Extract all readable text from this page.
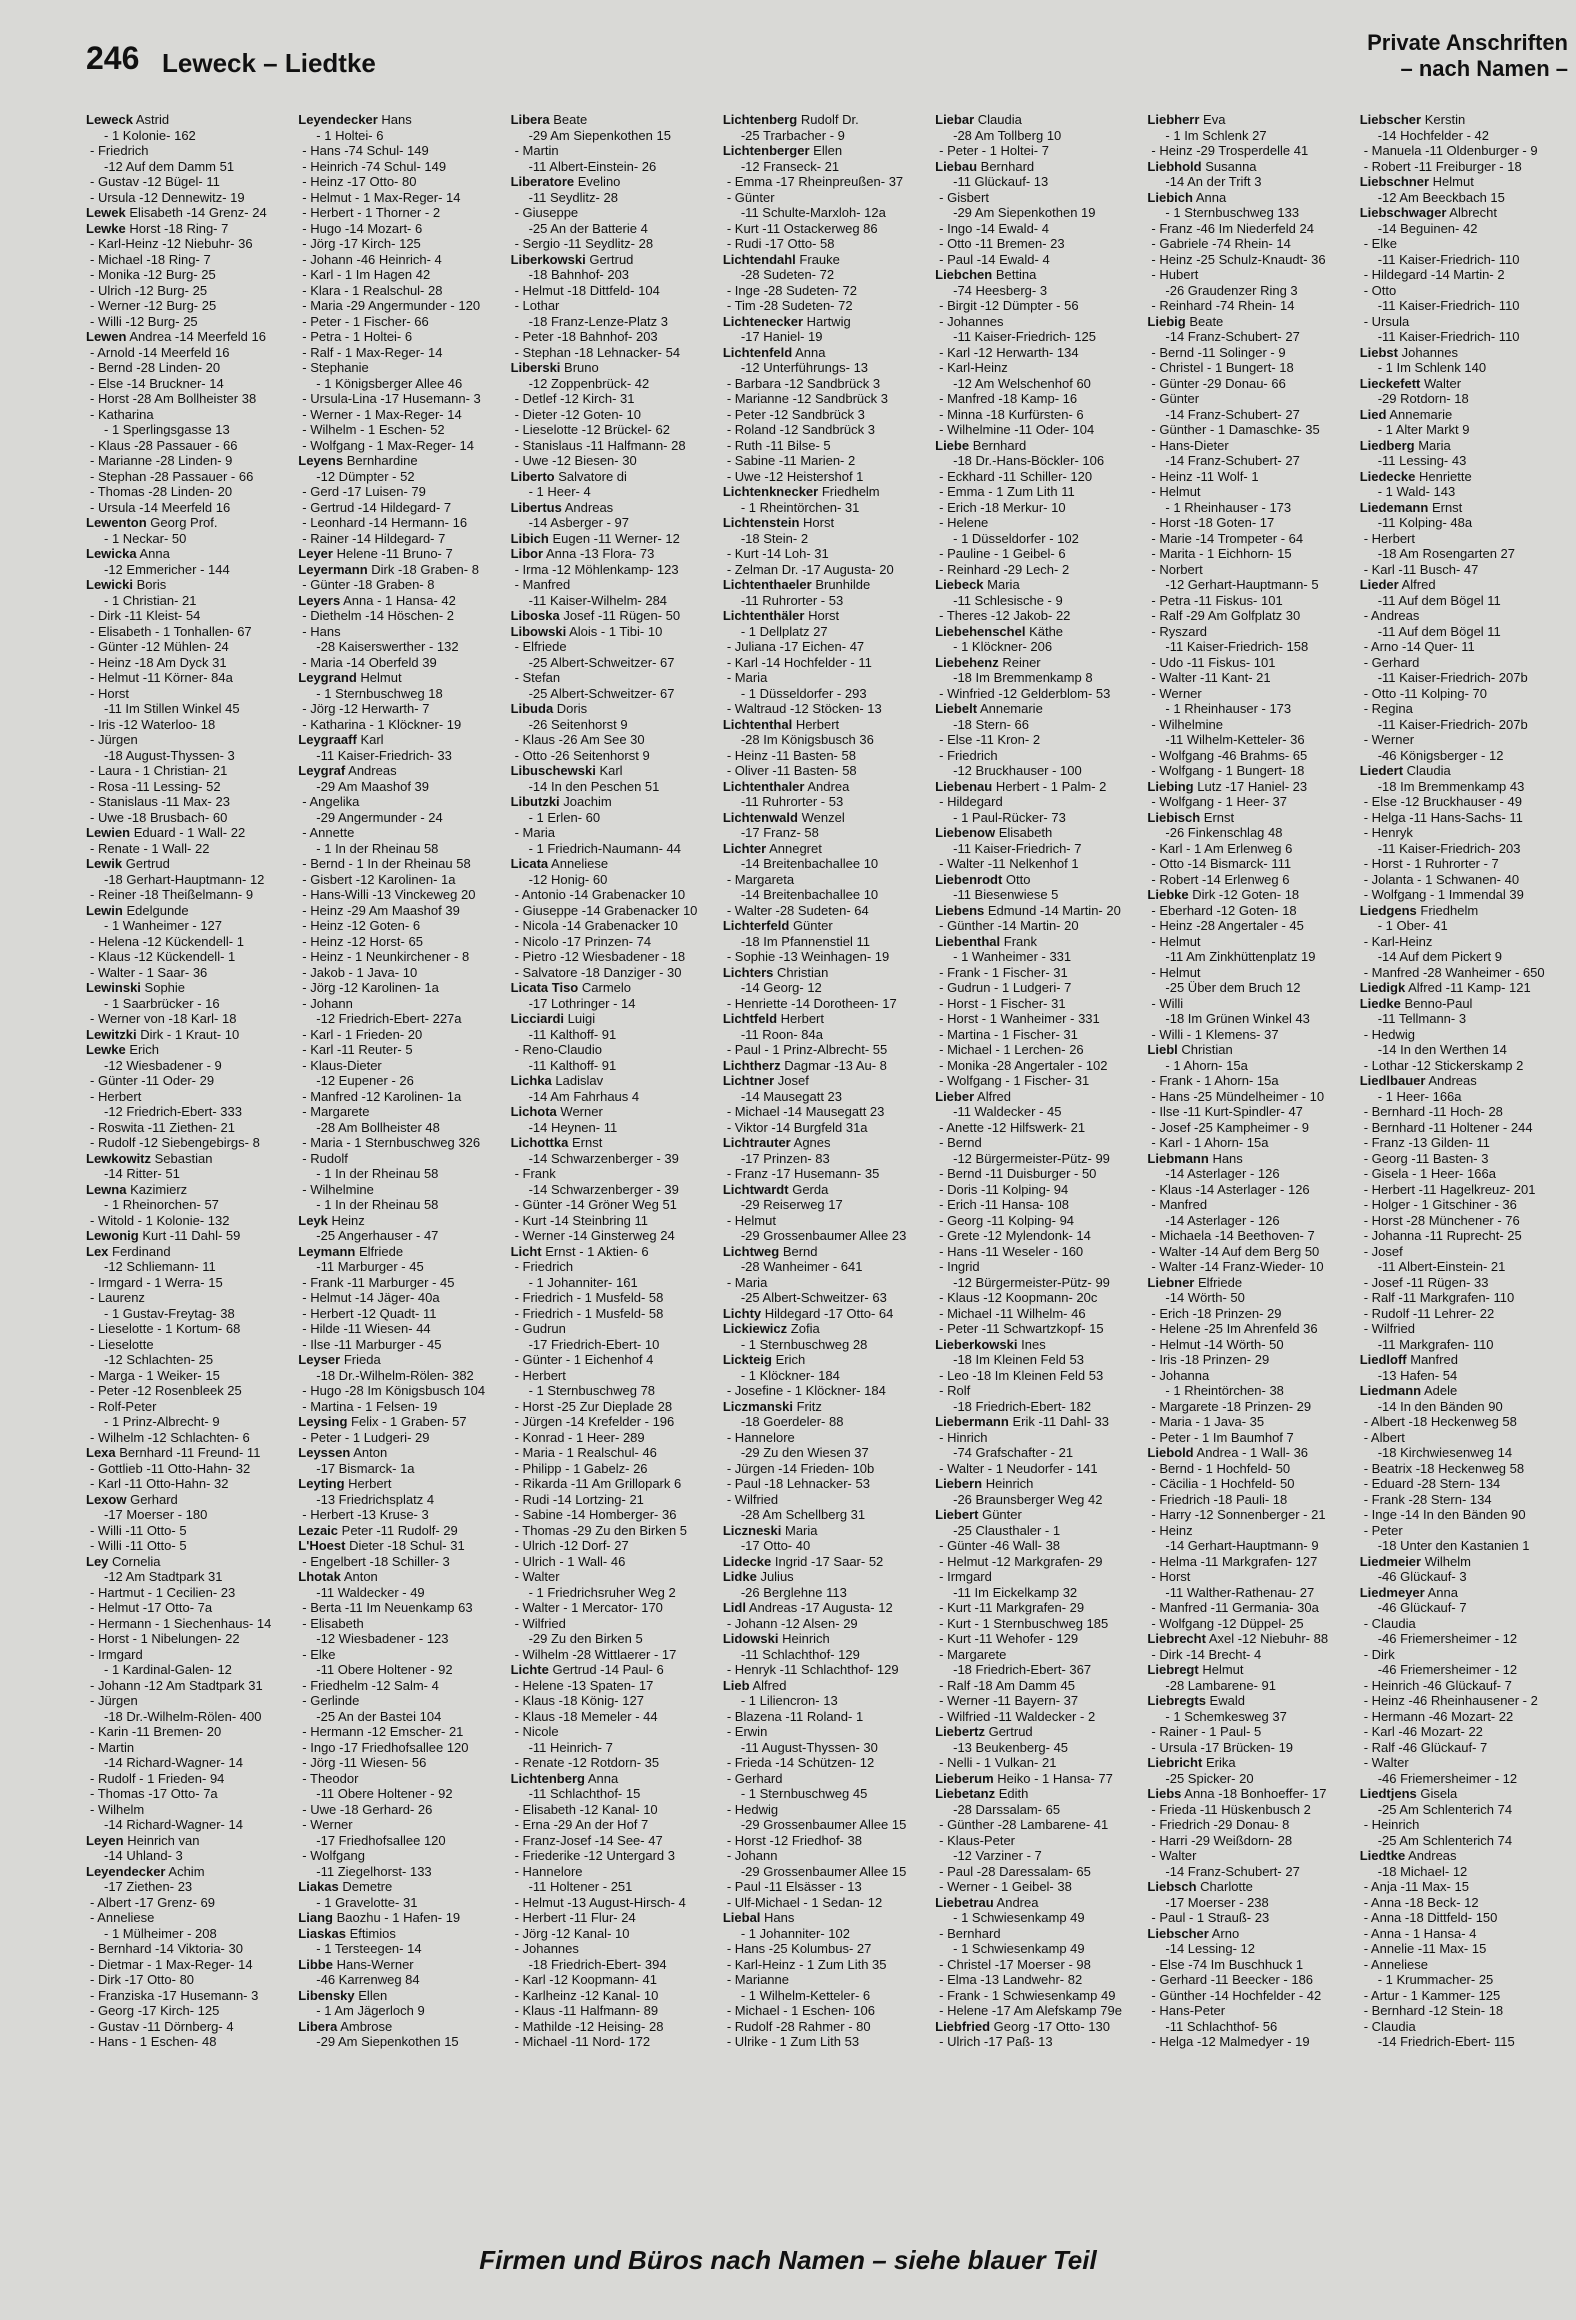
246 Leweck – Liedtke
Private Anschriften
– nach Namen –
Leweck Astrid
- 1 Kolonie- 162
- Friedrich
-12 Auf dem Damm 51
- Gustav -12 Bügel- 11
- Ursula -12 Dennewitz- 19
Lewek Elisabeth -14 Grenz- 24
Lewke Horst -18 Ring- 7
- Karl-Heinz -12 Niebuhr- 36
- Michael -18 Ring- 7
- Monika -12 Burg- 25
- Ulrich -12 Burg- 25
- Werner -12 Burg- 25
- Willi -12 Burg- 25
Lewen Andrea -14 Meerfeld 16
- Arnold -14 Meerfeld 16
- Bernd -28 Linden- 20
- Else -14 Bruckner- 14
- Horst -28 Am Bollheister 38
- Katharina
- 1 Sperlingsgasse 13
- Klaus -28 Passauer - 66
- Marianne -28 Linden- 9
- Stephan -28 Passauer - 66
- Thomas -28 Linden- 20
- Ursula -14 Meerfeld 16
Lewenton Georg Prof.
- 1 Neckar- 50
Lewicka Anna
-12 Emmericher - 144
Lewicki Boris
- 1 Christian- 21
- Dirk -11 Kleist- 54
- Elisabeth - 1 Tonhallen- 67
- Günter -12 Mühlen- 24
- Heinz -18 Am Dyck 31
- Helmut -11 Körner- 84a
- Horst
-11 Im Stillen Winkel 45
- Iris -12 Waterloo- 18
- Jürgen
-18 August-Thyssen- 3
- Laura - 1 Christian- 21
- Rosa -11 Lessing- 52
- Stanislaus -11 Max- 23
- Uwe -18 Brusbach- 60
Lewien Eduard - 1 Wall- 22
- Renate - 1 Wall- 22
Lewik Gertrud
-18 Gerhart-Hauptmann- 12
- Reiner -18 Theißelmann- 9
Lewin Edelgunde
- 1 Wanheimer - 127
- Helena -12 Kückendell- 1
- Klaus -12 Kückendell- 1
- Walter - 1 Saar- 36
Lewinski Sophie
- 1 Saarbrücker - 16
- Werner von -18 Karl- 18
Lewitzki Dirk - 1 Kraut- 10
Lewke Erich
-12 Wiesbadener - 9
- Günter -11 Oder- 29
- Herbert
-12 Friedrich-Ebert- 333
- Roswita -11 Ziethen- 21
- Rudolf -12 Siebengebirgs- 8
Lewkowitz Sebastian
-14 Ritter- 51
Lewna Kazimierz
- 1 Rheinorchen- 57
- Witold - 1 Kolonie- 132
Lewonig Kurt -11 Dahl- 59
Lex Ferdinand
-12 Schliemann- 11
- Irmgard - 1 Werra- 15
- Laurenz
- 1 Gustav-Freytag- 38
- Lieselotte - 1 Kortum- 68
- Lieselotte
-12 Schlachten- 25
- Marga - 1 Weiker- 15
- Peter -12 Rosenbleek 25
- Rolf-Peter
- 1 Prinz-Albrecht- 9
- Wilhelm -12 Schlachten- 6
Lexa Bernhard -11 Freund- 11
- Gottlieb -11 Otto-Hahn- 32
- Karl -11 Otto-Hahn- 32
Lexow Gerhard
-17 Moerser - 180
- Willi -11 Otto- 5
- Willi -11 Otto- 5
Ley Cornelia
-12 Am Stadtpark 31
- Hartmut - 1 Cecilien- 23
- Helmut -17 Otto- 7a
- Hermann - 1 Siechenhaus- 14
- Horst - 1 Nibelungen- 22
- Irmgard
- 1 Kardinal-Galen- 12
- Johann -12 Am Stadtpark 31
- Jürgen
-18 Dr.-Wilhelm-Rölen- 400
- Karin -11 Bremen- 20
- Martin
-14 Richard-Wagner- 14
- Rudolf - 1 Frieden- 94
- Thomas -17 Otto- 7a
- Wilhelm
-14 Richard-Wagner- 14
Leyen Heinrich van
-14 Uhland- 3
Leyendecker Achim
-17 Ziethen- 23
- Albert -17 Grenz- 69
- Anneliese
- 1 Mülheimer - 208
- Bernhard -14 Viktoria- 30
- Dietmar - 1 Max-Reger- 14
- Dirk -17 Otto- 80
- Franziska -17 Husemann- 3
- Georg -17 Kirch- 125
- Gustav -11 Dörnberg- 4
- Hans - 1 Eschen- 48
Leyendecker Hans
- 1 Holtei- 6
- Hans -74 Schul- 149
- Heinrich -74 Schul- 149
- Heinz -17 Otto- 80
- Helmut - 1 Max-Reger- 14
- Herbert - 1 Thorner - 2
- Hugo -14 Mozart- 6
- Jörg -17 Kirch- 125
- Johann -46 Heinrich- 4
- Karl - 1 Im Hagen 42
- Klara - 1 Realschul- 28
- Maria -29 Angermunder - 120
- Peter - 1 Fischer- 66
- Petra - 1 Holtei- 6
- Ralf - 1 Max-Reger- 14
- Stephanie
- 1 Königsberger Allee 46
- Ursula-Lina -17 Husemann- 3
- Werner - 1 Max-Reger- 14
- Wilhelm - 1 Eschen- 52
- Wolfgang - 1 Max-Reger- 14
Leyens Bernhardine
-12 Dümpter - 52
- Gerd -17 Luisen- 79
- Gertrud -14 Hildegard- 7
- Leonhard -14 Hermann- 16
- Rainer -14 Hildegard- 7
Leyer Helene -11 Bruno- 7
Leyermann Dirk -18 Graben- 8
- Günter -18 Graben- 8
Leyers Anna - 1 Hansa- 42
- Diethelm -14 Höschen- 2
- Hans
-28 Kaiserswerther - 132
- Maria -14 Oberfeld 39
Leygrand Helmut
- 1 Sternbuschweg 18
- Jörg -12 Herwarth- 7
- Katharina - 1 Klöckner- 19
Leygraaff Karl
-11 Kaiser-Friedrich- 33
Leygraf Andreas
-29 Am Maashof 39
- Angelika
-29 Angermunder - 24
- Annette
- 1 In der Rheinau 58
- Bernd - 1 In der Rheinau 58
- Gisbert -12 Karolinen- 1a
- Hans-Willi -13 Vinckeweg 20
- Heinz -29 Am Maashof 39
- Heinz -12 Goten- 6
- Heinz -12 Horst- 65
- Heinz - 1 Neunkirchener - 8
- Jakob - 1 Java- 10
- Jörg -12 Karolinen- 1a
- Johann
-12 Friedrich-Ebert- 227a
- Karl - 1 Frieden- 20
- Karl -11 Reuter- 5
- Klaus-Dieter
-12 Eupener - 26
- Manfred -12 Karolinen- 1a
- Margarete
-28 Am Bollheister 48
- Maria - 1 Sternbuschweg 326
- Rudolf
- 1 In der Rheinau 58
- Wilhelmine
- 1 In der Rheinau 58
Leyk Heinz
-25 Angerhauser - 47
Leymann Elfriede
-11 Marburger - 45
- Frank -11 Marburger - 45
- Helmut -14 Jäger- 40a
- Herbert -12 Quadt- 11
- Hilde -11 Wiesen- 44
- Ilse -11 Marburger - 45
Leyser Frieda
-18 Dr.-Wilhelm-Rölen- 382
- Hugo -28 Im Königsbusch 104
- Martina - 1 Felsen- 19
Leysing Felix - 1 Graben- 57
- Peter - 1 Ludgeri- 29
Leyssen Anton
-17 Bismarck- 1a
Leyting Herbert
-13 Friedrichsplatz 4
- Herbert -13 Kruse- 3
Lezaic Peter -11 Rudolf- 29
L'Hoest Dieter -18 Schul- 31
- Engelbert -18 Schiller- 3
Lhotak Anton
-11 Waldecker - 49
- Berta -11 Im Neuenkamp 63
- Elisabeth
-12 Wiesbadener - 123
- Elke
-11 Obere Holtener - 92
- Friedhelm -12 Salm- 4
- Gerlinde
-25 An der Bastei 104
- Hermann -12 Emscher- 21
- Ingo -17 Friedhofsallee 120
- Jörg -11 Wiesen- 56
- Theodor
-11 Obere Holtener - 92
- Uwe -18 Gerhard- 26
- Werner
-17 Friedhofsallee 120
- Wolfgang
-11 Ziegelhorst- 133
Liakas Demetre
- 1 Gravelotte- 31
Liang Baozhu - 1 Hafen- 19
Liaskas Eftimios
- 1 Tersteegen- 14
Libbe Hans-Werner
-46 Karrenweg 84
Libensky Ellen
- 1 Am Jägerloch 9
Libera Ambrose
-29 Am Siepenkothen 15
Libera Beate
-29 Am Siepenkothen 15
- Martin
-11 Albert-Einstein- 26
Liberatore Evelino
-11 Seydlitz- 28
- Giuseppe
-25 An der Batterie 4
- Sergio -11 Seydlitz- 28
Liberkowski Gertrud
-18 Bahnhof- 203
- Helmut -18 Dittfeld- 104
- Lothar
-18 Franz-Lenze-Platz 3
- Peter -18 Bahnhof- 203
- Stephan -18 Lehnacker- 54
Liberski Bruno
-12 Zoppenbrück- 42
- Detlef -12 Kirch- 31
- Dieter -12 Goten- 10
- Lieselotte -12 Brückel- 62
- Stanislaus -11 Halfmann- 28
- Uwe -12 Biesen- 30
Liberto Salvatore di
- 1 Heer- 4
Libertus Andreas
-14 Asberger - 97
Libich Eugen -11 Werner- 12
Libor Anna -13 Flora- 73
- Irma -12 Möhlenkamp- 123
- Manfred
-11 Kaiser-Wilhelm- 284
Liboska Josef -11 Rügen- 50
Libowski Alois - 1 Tibi- 10
- Elfriede
-25 Albert-Schweitzer- 67
- Stefan
-25 Albert-Schweitzer- 67
Libuda Doris
-26 Seitenhorst 9
- Klaus -26 Am See 30
- Otto -26 Seitenhorst 9
Libuschewski Karl
-14 In den Peschen 51
Libutzki Joachim
- 1 Erlen- 60
- Maria
- 1 Friedrich-Naumann- 44
Licata Anneliese
-12 Honig- 60
- Antonio -14 Grabenacker 10
- Giuseppe -14 Grabenacker 10
- Nicola -14 Grabenacker 10
- Nicolo -17 Prinzen- 74
- Pietro -12 Wiesbadener - 18
- Salvatore -18 Danziger - 30
Licata Tiso Carmelo
-17 Lothringer - 14
Licciardi Luigi
-11 Kalthoff- 91
- Reno-Claudio
-11 Kalthoff- 91
Lichka Ladislav
-14 Am Fahrhaus 4
Lichota Werner
-14 Heynen- 11
Lichottka Ernst
-14 Schwarzenberger - 39
- Frank
-14 Schwarzenberger - 39
- Günter -14 Gröner Weg 51
- Kurt -14 Steinbring 11
- Werner -14 Ginsterweg 24
Licht Ernst - 1 Aktien- 6
- Friedrich
- 1 Johanniter- 161
- Friedrich - 1 Musfeld- 58
- Friedrich - 1 Musfeld- 58
- Gudrun
-17 Friedrich-Ebert- 10
- Günter - 1 Eichenhof 4
- Herbert
- 1 Sternbuschweg 78
- Horst -25 Zur Dieplade 28
- Jürgen -14 Krefelder - 196
- Konrad - 1 Heer- 289
- Maria - 1 Realschul- 46
- Philipp - 1 Gabelz- 26
- Rikarda -11 Am Grillopark 6
- Rudi -14 Lortzing- 21
- Sabine -14 Homberger- 36
- Thomas -29 Zu den Birken 5
- Ulrich -12 Dorf- 27
- Ulrich - 1 Wall- 46
- Walter
- 1 Friedrichsruher Weg 2
- Walter - 1 Mercator- 170
- Wilfried
-29 Zu den Birken 5
- Wilhelm -28 Wittlaerer - 17
Lichte Gertrud -14 Paul- 6
- Helene -13 Spaten- 17
- Klaus -18 König- 127
- Klaus -18 Memeler - 44
- Nicole
-11 Heinrich- 7
- Renate -12 Rotdorn- 35
Lichtenberg Anna
-11 Schlachthof- 15
- Elisabeth -12 Kanal- 10
- Erna -29 An der Hof 7
- Franz-Josef -14 See- 47
- Friederike -12 Untergard 3
- Hannelore
-11 Holtener - 251
- Helmut -13 August-Hirsch- 4
- Herbert -11 Flur- 24
- Jörg -12 Kanal- 10
- Johannes
-18 Friedrich-Ebert- 394
- Karl -12 Koopmann- 41
- Karlheinz -12 Kanal- 10
- Klaus -11 Halfmann- 89
- Mathilde -12 Heising- 28
- Michael -11 Nord- 172
Lichtenberg Rudolf Dr.
-25 Trarbacher - 9
Lichtenberger Ellen
-12 Franseck- 21
- Emma -17 Rheinpreußen- 37
- Günter
-11 Schulte-Marxloh- 12a
- Kurt -11 Ostackerweg 86
- Rudi -17 Otto- 58
Lichtendahl Frauke
-28 Sudeten- 72
- Inge -28 Sudeten- 72
- Tim -28 Sudeten- 72
Lichtenecker Hartwig
-17 Haniel- 19
Lichtenfeld Anna
-12 Unterführungs- 13
- Barbara -12 Sandbrück 3
- Marianne -12 Sandbrück 3
- Peter -12 Sandbrück 3
- Roland -12 Sandbrück 3
- Ruth -11 Bilse- 5
- Sabine -11 Marien- 2
- Uwe -12 Heistershof 1
Lichtenknecker Friedhelm
- 1 Rheintörchen- 31
Lichtenstein Horst
-18 Stein- 2
- Kurt -14 Loh- 31
- Zelman Dr. -17 Augusta- 20
Lichtenthaeler Brunhilde
-11 Ruhrorter - 53
Lichtenthäler Horst
- 1 Dellplatz 27
- Juliana -17 Eichen- 47
- Karl -14 Hochfelder - 11
- Maria
- 1 Düsseldorfer - 293
- Waltraud -12 Stöcken- 13
Lichtenthal Herbert
-28 Im Königsbusch 36
- Heinz -11 Basten- 58
- Oliver -11 Basten- 58
Lichtenthaler Andrea
-11 Ruhrorter - 53
Lichtenwald Wenzel
-17 Franz- 58
Lichter Annegret
-14 Breitenbachallee 10
- Margareta
-14 Breitenbachallee 10
- Walter -28 Sudeten- 64
Lichterfeld Günter
-18 Im Pfannenstiel 11
- Sophie -13 Weinhagen- 19
Lichters Christian
-14 Georg- 12
- Henriette -14 Dorotheen- 17
Lichtfeld Herbert
-11 Roon- 84a
- Paul - 1 Prinz-Albrecht- 55
Lichtherz Dagmar -13 Au- 8
Lichtner Josef
-14 Mausegatt 23
- Michael -14 Mausegatt 23
- Viktor -14 Burgfeld 31a
Lichtrauter Agnes
-17 Prinzen- 83
- Franz -17 Husemann- 35
Lichtwardt Gerda
-29 Reiserweg 17
- Helmut
-29 Grossenbaumer Allee 23
Lichtweg Bernd
-28 Wanheimer - 641
- Maria
-25 Albert-Schweitzer- 63
Lichty Hildegard -17 Otto- 64
Lickiewicz Zofia
- 1 Sternbuschweg 28
Lickteig Erich
- 1 Klöckner- 184
- Josefine - 1 Klöckner- 184
Liczmanski Fritz
-18 Goerdeler- 88
- Hannelore
-29 Zu den Wiesen 37
- Jürgen -14 Frieden- 10b
- Paul -18 Lehnacker- 53
- Wilfried
-28 Am Schellberg 31
Liczneski Maria
-17 Otto- 40
Lidecke Ingrid -17 Saar- 52
Lidke Julius
-26 Berglehne 113
Lidl Andreas -17 Augusta- 12
- Johann -12 Alsen- 29
Lidowski Heinrich
-11 Schlachthof- 129
- Henryk -11 Schlachthof- 129
Lieb Alfred
- 1 Liliencron- 13
- Blazena -11 Roland- 1
- Erwin
-11 August-Thyssen- 30
- Frieda -14 Schützen- 12
- Gerhard
- 1 Sternbuschweg 45
- Hedwig
-29 Grossenbaumer Allee 15
- Horst -12 Friedhof- 38
- Johann
-29 Grossenbaumer Allee 15
- Paul -11 Elsässer - 13
- Ulf-Michael - 1 Sedan- 12
Liebal Hans
- 1 Johanniter- 102
- Hans -25 Kolumbus- 27
- Karl-Heinz - 1 Zum Lith 35
- Marianne
- 1 Wilhelm-Ketteler- 6
- Michael - 1 Eschen- 106
- Rudolf -28 Rahmer - 80
- Ulrike - 1 Zum Lith 53
Liebar Claudia
-28 Am Tollberg 10
- Peter - 1 Holtei- 7
Liebau Bernhard
-11 Glückauf- 13
- Gisbert
-29 Am Siepenkothen 19
- Ingo -14 Ewald- 4
- Otto -11 Bremen- 23
- Paul -14 Ewald- 4
Liebchen Bettina
-74 Heesberg- 3
- Birgit -12 Dümpter - 56
- Johannes
-11 Kaiser-Friedrich- 125
- Karl -12 Herwarth- 134
- Karl-Heinz
-12 Am Welschenhof 60
- Manfred -18 Kamp- 16
- Minna -18 Kurfürsten- 6
- Wilhelmine -11 Oder- 104
Liebe Bernhard
-18 Dr.-Hans-Böckler- 106
- Eckhard -11 Schiller- 120
- Emma - 1 Zum Lith 11
- Erich -18 Merkur- 10
- Helene
- 1 Düsseldorfer - 102
- Pauline - 1 Geibel- 6
- Reinhard -29 Lech- 2
Liebeck Maria
-11 Schlesische - 9
- Theres -12 Jakob- 22
Liebehenschel Käthe
- 1 Klöckner- 206
Liebehenz Reiner
-18 Im Bremmenkamp 8
- Winfried -12 Gelderblom- 53
Liebelt Annemarie
-18 Stern- 66
- Else -11 Kron- 2
- Friedrich
-12 Bruckhauser - 100
Liebenau Herbert - 1 Palm- 2
- Hildegard
- 1 Paul-Rücker- 73
Liebenow Elisabeth
-11 Kaiser-Friedrich- 7
- Walter -11 Nelkenhof 1
Liebenrodt Otto
-11 Biesenwiese 5
Liebens Edmund -14 Martin- 20
- Günther -14 Martin- 20
Liebenthal Frank
- 1 Wanheimer - 331
- Frank - 1 Fischer- 31
- Gudrun - 1 Ludgeri- 7
- Horst - 1 Fischer- 31
- Horst - 1 Wanheimer - 331
- Martina - 1 Fischer- 31
- Michael - 1 Lerchen- 26
- Monika -28 Angertaler - 102
- Wolfgang - 1 Fischer- 31
Lieber Alfred
-11 Waldecker - 45
- Anette -12 Hilfswerk- 21
- Bernd
-12 Bürgermeister-Pütz- 99
- Bernd -11 Duisburger - 50
- Doris -11 Kolping- 94
- Erich -11 Hansa- 108
- Georg -11 Kolping- 94
- Grete -12 Mylendonk- 14
- Hans -11 Weseler - 160
- Ingrid
-12 Bürgermeister-Pütz- 99
- Klaus -12 Koopmann- 20c
- Michael -11 Wilhelm- 46
- Peter -11 Schwartzkopf- 15
Lieberkowski Ines
-18 Im Kleinen Feld 53
- Leo -18 Im Kleinen Feld 53
- Rolf
-18 Friedrich-Ebert- 182
Liebermann Erik -11 Dahl- 33
- Hinrich
-74 Grafschafter - 21
- Walter - 1 Neudorfer - 141
Liebern Heinrich
-26 Braunsberger Weg 42
Liebert Günter
-25 Clausthaler - 1
- Günter -46 Wall- 38
- Helmut -12 Markgrafen- 29
- Irmgard
-11 Im Eickelkamp 32
- Kurt -11 Markgrafen- 29
- Kurt - 1 Sternbuschweg 185
- Kurt -11 Wehofer - 129
- Margarete
-18 Friedrich-Ebert- 367
- Ralf -18 Am Damm 45
- Werner -11 Bayern- 37
- Wilfried -11 Waldecker - 2
Liebertz Gertrud
-13 Beukenberg- 45
- Nelli - 1 Vulkan- 21
Lieberum Heiko - 1 Hansa- 77
Liebetanz Edith
-28 Darssalam- 65
- Günther -28 Lambarene- 41
- Klaus-Peter
-12 Varziner - 7
- Paul -28 Daressalam- 65
- Werner - 1 Geibel- 38
Liebetrau Andrea
- 1 Schwiesenkamp 49
- Bernhard
- 1 Schwiesenkamp 49
- Christel -17 Moerser - 98
- Elma -13 Landwehr- 82
- Frank - 1 Schwiesenkamp 49
- Helene -17 Am Alefskamp 79e
Liebfried Georg -17 Otto- 130
- Ulrich -17 Paß- 13
Liebherr Eva
- 1 Im Schlenk 27
- Heinz -29 Trosperdelle 41
Liebhold Susanna
-14 An der Trift 3
Liebich Anna
- 1 Sternbuschweg 133
- Franz -46 Im Niederfeld 24
- Gabriele -74 Rhein- 14
- Heinz -25 Schulz-Knaudt- 36
- Hubert
-26 Graudenzer Ring 3
- Reinhard -74 Rhein- 14
Liebig Beate
-14 Franz-Schubert- 27
- Bernd -11 Solinger - 9
- Christel - 1 Bungert- 18
- Günter -29 Donau- 66
- Günter
-14 Franz-Schubert- 27
- Günther - 1 Damaschke- 35
- Hans-Dieter
-14 Franz-Schubert- 27
- Heinz -11 Wolf- 1
- Helmut
- 1 Rheinhauser - 173
- Horst -18 Goten- 17
- Marie -14 Trompeter - 64
- Marita - 1 Eichhorn- 15
- Norbert
-12 Gerhart-Hauptmann- 5
- Petra -11 Fiskus- 101
- Ralf -29 Am Golfplatz 30
- Ryszard
-11 Kaiser-Friedrich- 158
- Udo -11 Fiskus- 101
- Walter -11 Kant- 21
- Werner
- 1 Rheinhauser - 173
- Wilhelmine
-11 Wilhelm-Ketteler- 36
- Wolfgang -46 Brahms- 65
- Wolfgang - 1 Bungert- 18
Liebing Lutz -17 Haniel- 23
- Wolfgang - 1 Heer- 37
Liebisch Ernst
-26 Finkenschlag 48
- Karl - 1 Am Erlenweg 6
- Otto -14 Bismarck- 111
- Robert -14 Erlenweg 6
Liebke Dirk -12 Goten- 18
- Eberhard -12 Goten- 18
- Heinz -28 Angertaler - 45
- Helmut
-11 Am Zinkhüttenplatz 19
- Helmut
-25 Über dem Bruch 12
- Willi
-18 Im Grünen Winkel 43
- Willi - 1 Klemens- 37
Liebl Christian
- 1 Ahorn- 15a
- Frank - 1 Ahorn- 15a
- Hans -25 Mündelheimer - 10
- Ilse -11 Kurt-Spindler- 47
- Josef -25 Kampheimer - 9
- Karl - 1 Ahorn- 15a
Liebmann Hans
-14 Asterlager - 126
- Klaus -14 Asterlager - 126
- Manfred
-14 Asterlager - 126
- Michaela -14 Beethoven- 7
- Walter -14 Auf dem Berg 50
- Walter -14 Franz-Wieder- 10
Liebner Elfriede
-14 Wörth- 50
- Erich -18 Prinzen- 29
- Helene -25 Im Ahrenfeld 36
- Helmut -14 Wörth- 50
- Iris -18 Prinzen- 29
- Johanna
- 1 Rheintörchen- 38
- Margarete -18 Prinzen- 29
- Maria - 1 Java- 35
- Peter - 1 Im Baumhof 7
Liebold Andrea - 1 Wall- 36
- Bernd - 1 Hochfeld- 50
- Cäcilia - 1 Hochfeld- 50
- Friedrich -18 Pauli- 18
- Harry -12 Sonnenberger - 21
- Heinz
-14 Gerhart-Hauptmann- 9
- Helma -11 Markgrafen- 127
- Horst
-11 Walther-Rathenau- 27
- Manfred -11 Germania- 30a
- Wolfgang -12 Düppel- 25
Liebrecht Axel -12 Niebuhr- 88
- Dirk -14 Brecht- 4
Liebregt Helmut
-28 Lambarene- 91
Liebregts Ewald
- 1 Schemkesweg 37
- Rainer - 1 Paul- 5
- Ursula -17 Brücken- 19
Liebricht Erika
-25 Spicker- 20
Liebs Anna -18 Bonhoeffer- 17
- Frieda -11 Hüskenbusch 2
- Friedrich -29 Donau- 8
- Harri -29 Weißdorn- 28
- Walter
-14 Franz-Schubert- 27
Liebsch Charlotte
-17 Moerser - 238
- Paul - 1 Strauß- 23
Liebscher Arno
-14 Lessing- 12
- Else -74 Im Buschhuck 1
- Gerhard -11 Beecker - 186
- Günther -14 Hochfelder - 42
- Hans-Peter
-11 Schlachthof- 56
- Helga -12 Malmedyer - 19
Liebscher Kerstin
-14 Hochfelder - 42
- Manuela -11 Oldenburger - 9
- Robert -11 Freiburger - 18
Liebschner Helmut
-12 Am Beeckbach 15
Liebschwager Albrecht
-14 Beguinen- 42
- Elke
-11 Kaiser-Friedrich- 110
- Hildegard -14 Martin- 2
- Otto
-11 Kaiser-Friedrich- 110
- Ursula
-11 Kaiser-Friedrich- 110
Liebst Johannes
- 1 Im Schlenk 140
Lieckefett Walter
-29 Rotdorn- 18
Lied Annemarie
- 1 Alter Markt 9
Liedberg Maria
-11 Lessing- 43
Liedecke Henriette
- 1 Wald- 143
Liedemann Ernst
-11 Kolping- 48a
- Herbert
-18 Am Rosengarten 27
- Karl -11 Busch- 47
Lieder Alfred
-11 Auf dem Bögel 11
- Andreas
-11 Auf dem Bögel 11
- Arno -14 Quer- 11
- Gerhard
-11 Kaiser-Friedrich- 207b
- Otto -11 Kolping- 70
- Regina
-11 Kaiser-Friedrich- 207b
- Werner
-46 Königsberger - 12
Liedert Claudia
-18 Im Bremmenkamp 43
- Else -12 Bruckhauser - 49
- Helga -11 Hans-Sachs- 11
- Henryk
-11 Kaiser-Friedrich- 203
- Horst - 1 Ruhrorter - 7
- Jolanta - 1 Schwanen- 40
- Wolfgang - 1 Immendal 39
Liedgens Friedhelm
- 1 Ober- 41
- Karl-Heinz
-14 Auf dem Pickert 9
- Manfred -28 Wanheimer - 650
Liedigk Alfred -11 Kamp- 121
Liedke Benno-Paul
-11 Tellmann- 3
- Hedwig
-14 In den Werthen 14
- Lothar -12 Stickerskamp 2
Liedlbauer Andreas
- 1 Heer- 166a
- Bernhard -11 Hoch- 28
- Bernhard -11 Holtener - 244
- Franz -13 Gilden- 11
- Georg -11 Basten- 3
- Gisela - 1 Heer- 166a
- Herbert -11 Hagelkreuz- 201
- Holger - 1 Gitschiner - 36
- Horst -28 Münchener - 76
- Johanna -11 Ruprecht- 25
- Josef
-11 Albert-Einstein- 21
- Josef -11 Rügen- 33
- Ralf -11 Markgrafen- 110
- Rudolf -11 Lehrer- 22
- Wilfried
-11 Markgrafen- 110
Liedloff Manfred
-13 Hafen- 54
Liedmann Adele
-14 In den Bänden 90
- Albert -18 Heckenweg 58
- Albert
-18 Kirchwiesenweg 14
- Beatrix -18 Heckenweg 58
- Eduard -28 Stern- 134
- Frank -28 Stern- 134
- Inge -14 In den Bänden 90
- Peter
-18 Unter den Kastanien 1
Liedmeier Wilhelm
-46 Glückauf- 3
Liedmeyer Anna
-46 Glückauf- 7
- Claudia
-46 Friemersheimer - 12
- Dirk
-46 Friemersheimer - 12
- Heinrich -46 Glückauf- 7
- Heinz -46 Rheinhausener - 2
- Hermann -46 Mozart- 22
- Karl -46 Mozart- 22
- Ralf -46 Glückauf- 7
- Walter
-46 Friemersheimer - 12
Liedtjens Gisela
-25 Am Schlenterich 74
- Heinrich
-25 Am Schlenterich 74
Liedtke Andreas
-18 Michael- 12
- Anja -11 Max- 15
- Anna -18 Beck- 12
- Anna -18 Dittfeld- 150
- Anna - 1 Hansa- 4
- Annelie -11 Max- 15
- Anneliese
- 1 Krummacher- 25
- Artur - 1 Kammer- 125
- Bernhard -12 Stein- 18
- Claudia
-14 Friedrich-Ebert- 115
Firmen und Büros nach Namen – siehe blauer Teil
